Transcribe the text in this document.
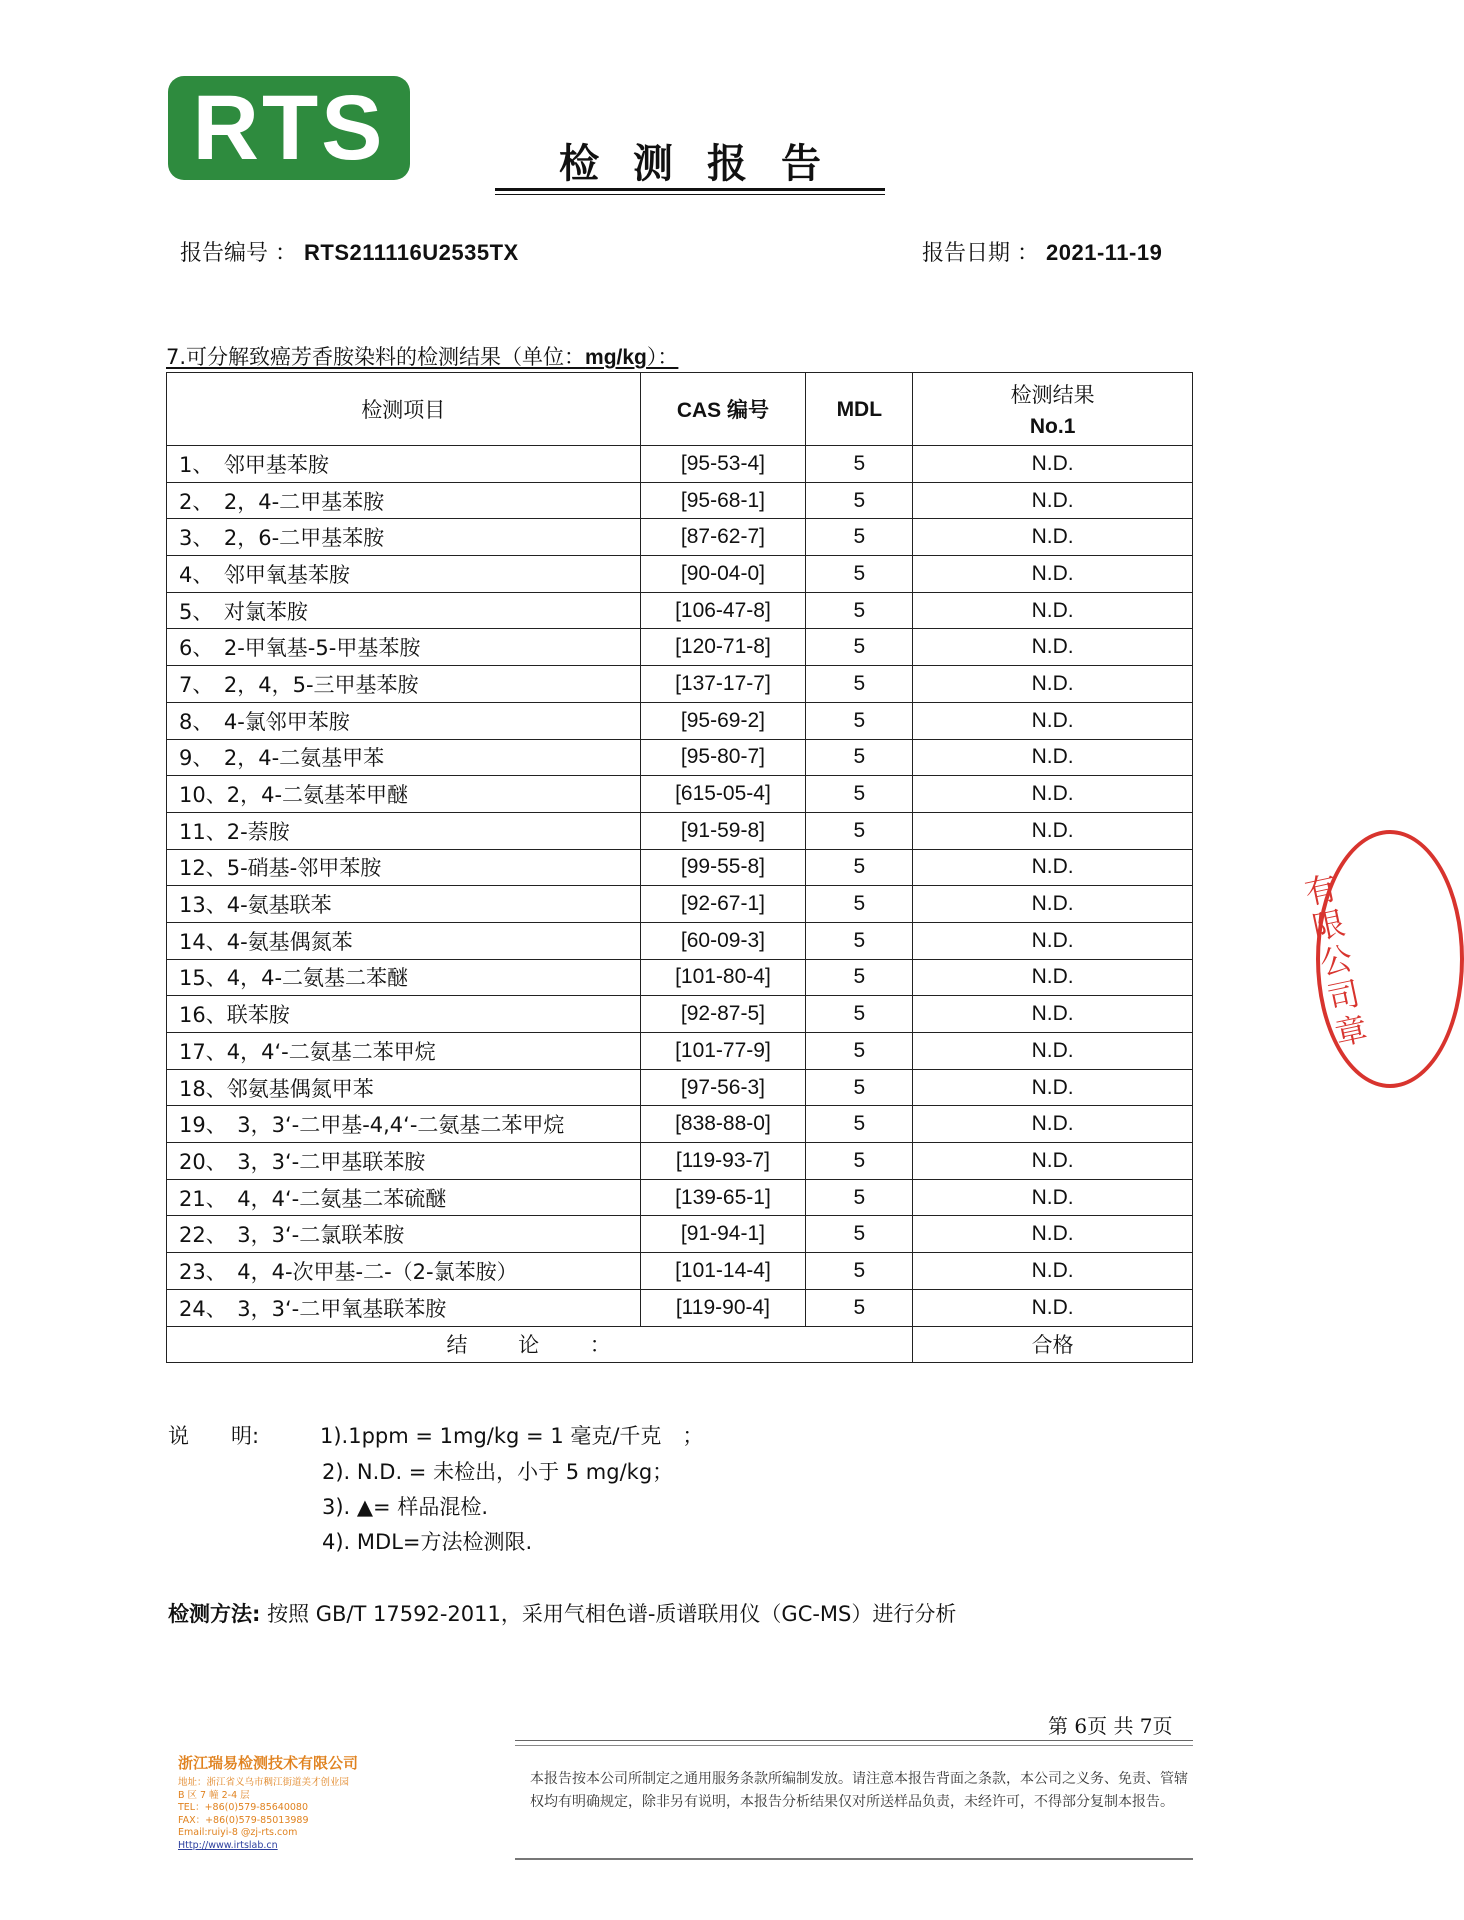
RTS	检测报告
报告编号 ： RTS211116U2535TX	报告日期 ： 2021-11-19
7.可分解致癌芳香胺染料的检测结果（单位：mg/kg）：
检测项目	CAS 编号	MDL	检测结果
No.1

1、　邻甲基苯胺	[95-53-4]	5	N.D.
2、　2，4-二甲基苯胺	[95-68-1]	5	N.D.
3、　2，6-二甲基苯胺	[87-62-7]	5	N.D.
4、　邻甲氧基苯胺	[90-04-0]	5	N.D.
5、　对氯苯胺	[106-47-8]	5	N.D.
6、　2-甲氧基-5-甲基苯胺	[120-71-8]	5	N.D.
7、　2，4，5-三甲基苯胺	[137-17-7]	5	N.D.
8、　4-氯邻甲苯胺	[95-69-2]	5	N.D.
9、　2，4-二氨基甲苯	[95-80-7]	5	N.D.
10、2，4-二氨基苯甲醚	[615-05-4]	5	N.D.
11、2-萘胺	[91-59-8]	5	N.D.
12、5-硝基-邻甲苯胺	[99-55-8]	5	N.D.
13、4-氨基联苯	[92-67-1]	5	N.D.
14、4-氨基偶氮苯	[60-09-3]	5	N.D.
15、4，4-二氨基二苯醚	[101-80-4]	5	N.D.
16、联苯胺	[92-87-5]	5	N.D.
17、4，4‘-二氨基二苯甲烷	[101-77-9]	5	N.D.
18、邻氨基偶氮甲苯	[97-56-3]	5	N.D.
19、　3，3‘-二甲基-4,4‘-二氨基二苯甲烷	[838-88-0]	5	N.D.
20、　3，3‘-二甲基联苯胺	[119-93-7]	5	N.D.
21、　4，4‘-二氨基二苯硫醚	[139-65-1]	5	N.D.
22、　3，3‘-二氯联苯胺	[91-94-1]	5	N.D.
23、　4，4-次甲基-二-（2-氯苯胺）	[101-14-4]	5	N.D.
24、　3，3‘-二甲氧基联苯胺	[119-90-4]	5	N.D.
结 论 ：			合格
说　　明:	1).1ppm = 1mg/kg = 1 毫克/千克　；
2). N.D. = 未检出，小于 5 mg/kg；
3). ▲= 样品混检.
4). MDL=方法检测限.
检测方法: 按照 GB/T 17592-2011，采用气相色谱-质谱联用仪（GC-MS）进行分析
第 6页 共 7页
浙江瑞易检测技术有限公司
地址：浙江省义乌市稠江街道美才创业园
B 区 7 幢 2-4 层
TEL：+86(0)579-85640080
FAX：+86(0)579-85013989
Email:ruiyi-8 @zj-rts.com
Http://www.irtslab.cn
本报告按本公司所制定之通用服务条款所编制发放。请注意本报告背面之条款，本公司之义务、免责、管辖权均有明确规定，除非另有说明，本报告分析结果仅对所送样品负责，未经许可，不得部分复制本报告。
有限公司章
